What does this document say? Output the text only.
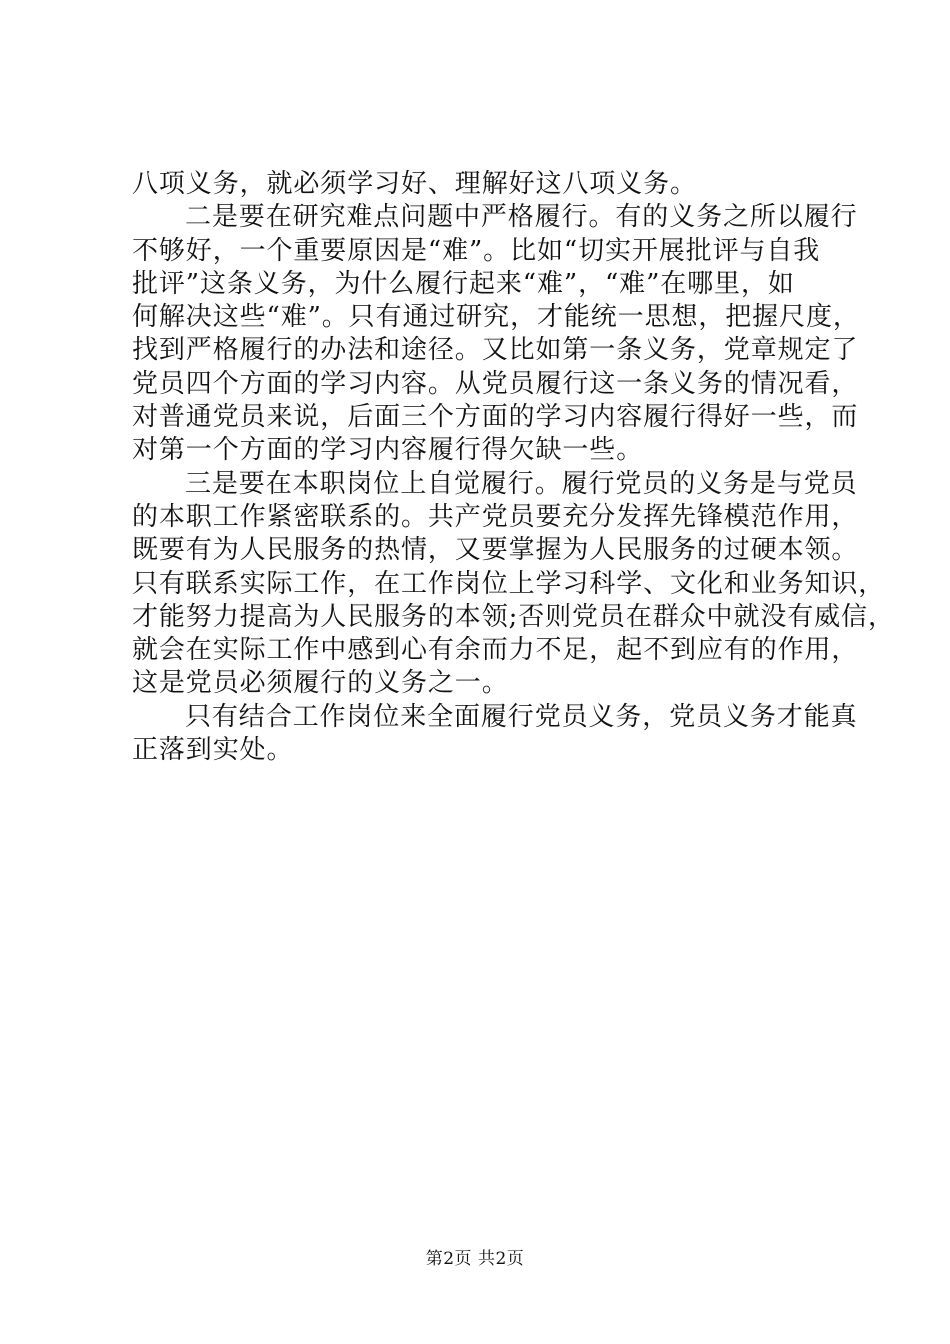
八项义务，就必须学习好、理解好这八项义务。
二是要在研究难点问题中严格履行。有的义务之所以履行
不够好，一个重要原因是“难”。比如“切实开展批评与自我
批评”这条义务，为什么履行起来“难”，“难”在哪里，如
何解决这些“难”。只有通过研究，才能统一思想，把握尺度，
找到严格履行的办法和途径。又比如第一条义务，党章规定了
党员四个方面的学习内容。从党员履行这一条义务的情况看，
对普通党员来说，后面三个方面的学习内容履行得好一些，而
对第一个方面的学习内容履行得欠缺一些。
三是要在本职岗位上自觉履行。履行党员的义务是与党员
的本职工作紧密联系的。共产党员要充分发挥先锋模范作用，
既要有为人民服务的热情，又要掌握为人民服务的过硬本领。
只有联系实际工作，在工作岗位上学习科学、文化和业务知识，
才能努力提高为人民服务的本领;否则党员在群众中就没有威信，
就会在实际工作中感到心有余而力不足，起不到应有的作用，
这是党员必须履行的义务之一。
只有结合工作岗位来全面履行党员义务，党员义务才能真
正落到实处。
第2页 共2页
